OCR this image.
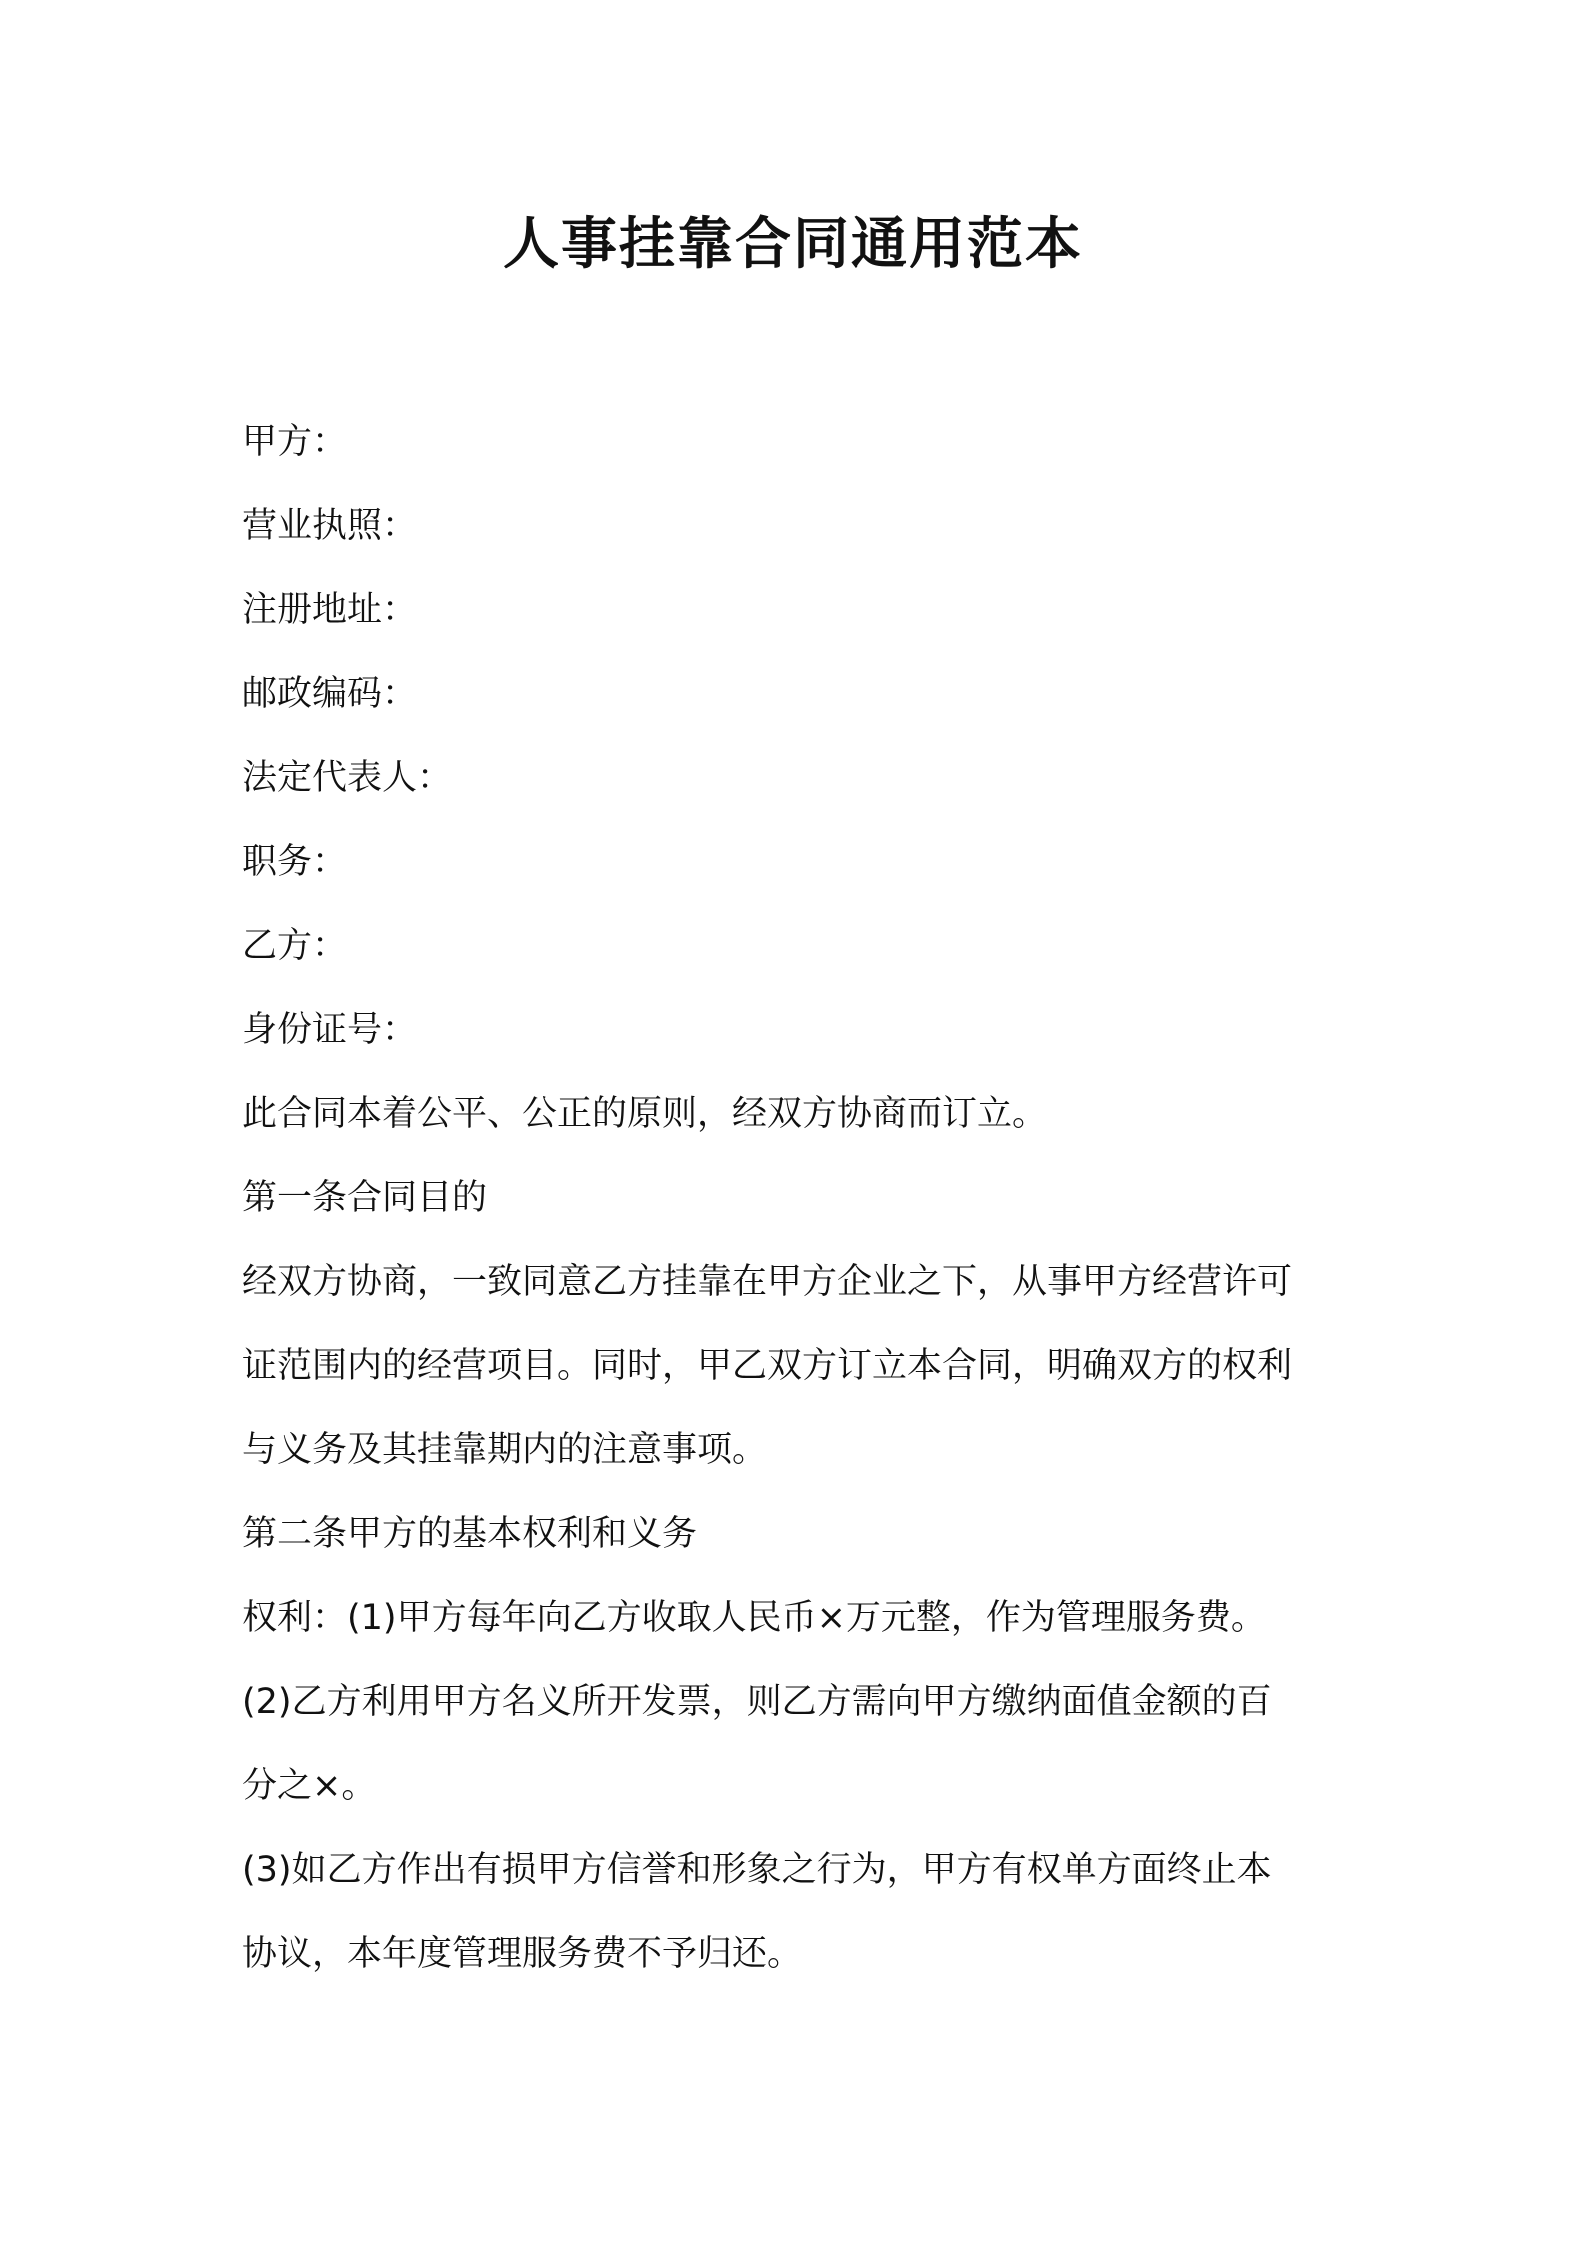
人事挂靠合同通用范本
甲方：
营业执照：
注册地址：
邮政编码：
法定代表人：
职务：
乙方：
身份证号：
此合同本着公平、公正的原则，经双方协商而订立。
第一条合同目的
经双方协商，一致同意乙方挂靠在甲方企业之下，从事甲方经营许可
证范围内的经营项目。同时，甲乙双方订立本合同，明确双方的权利
与义务及其挂靠期内的注意事项。
第二条甲方的基本权利和义务
权利：(1)甲方每年向乙方收取人民币×万元整，作为管理服务费。
(2)乙方利用甲方名义所开发票，则乙方需向甲方缴纳面值金额的百
分之×。
(3)如乙方作出有损甲方信誉和形象之行为，甲方有权单方面终止本
协议，本年度管理服务费不予归还。
